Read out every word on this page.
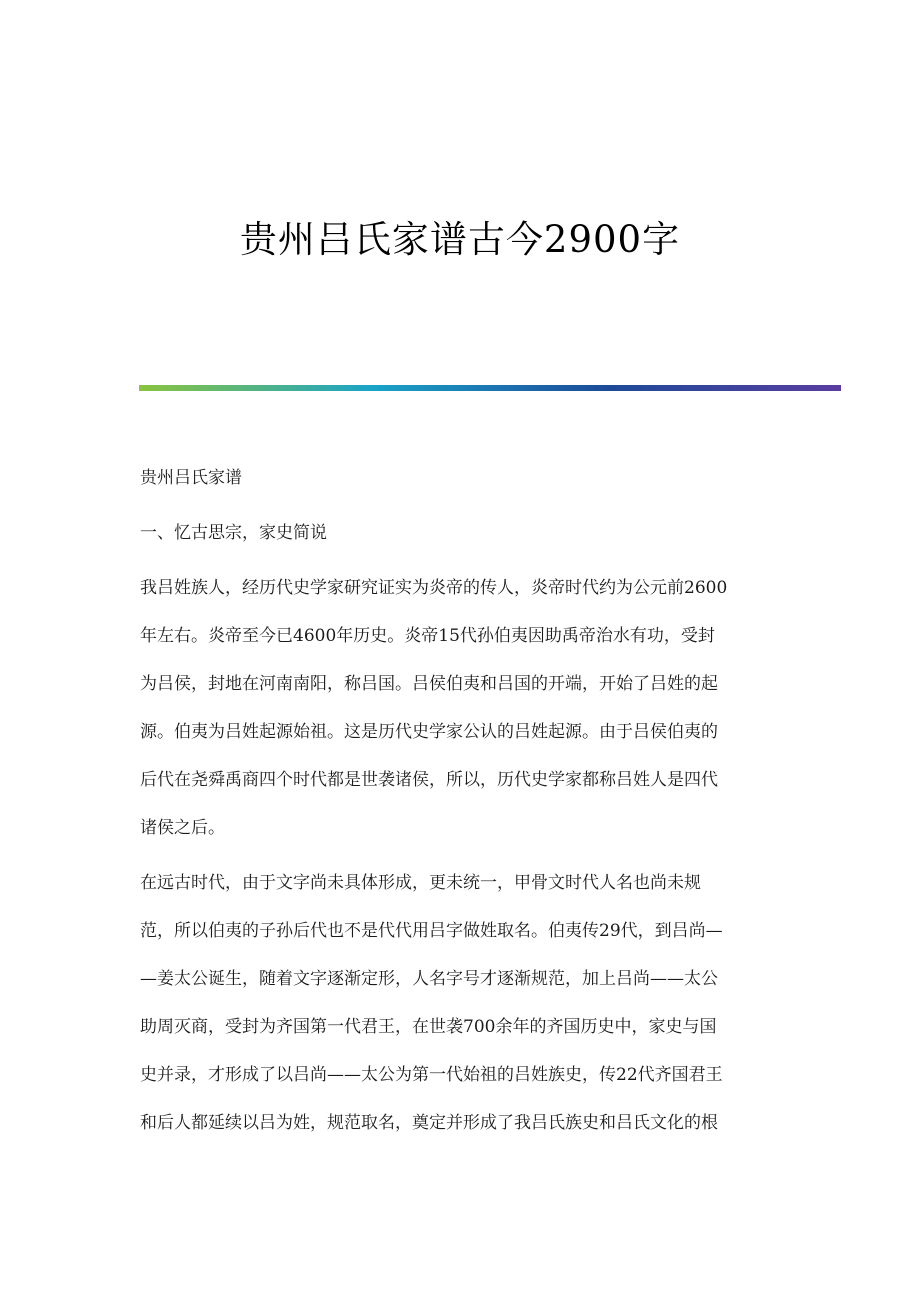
贵州吕氏家谱古今2900字

贵州吕氏家谱

一、忆古思宗，家史简说

我吕姓族人，经历代史学家研究证实为炎帝的传人，炎帝时代约为公元前2600
年左右。炎帝至今已4600年历史。炎帝15代孙伯夷因助禹帝治水有功，受封
为吕侯，封地在河南南阳，称吕国。吕侯伯夷和吕国的开端，开始了吕姓的起
源。伯夷为吕姓起源始祖。这是历代史学家公认的吕姓起源。由于吕侯伯夷的
后代在尧舜禹商四个时代都是世袭诸侯，所以，历代史学家都称吕姓人是四代
诸侯之后。
在远古时代，由于文字尚未具体形成，更未统一，甲骨文时代人名也尚未规
范，所以伯夷的子孙后代也不是代代用吕字做姓取名。伯夷传29代，到吕尚—
—姜太公诞生，随着文字逐渐定形，人名字号才逐渐规范，加上吕尚——太公
助周灭商，受封为齐国第一代君王，在世袭700余年的齐国历史中，家史与国
史并录，才形成了以吕尚——太公为第一代始祖的吕姓族史，传22代齐国君王
和后人都延续以吕为姓，规范取名，奠定并形成了我吕氏族史和吕氏文化的根
